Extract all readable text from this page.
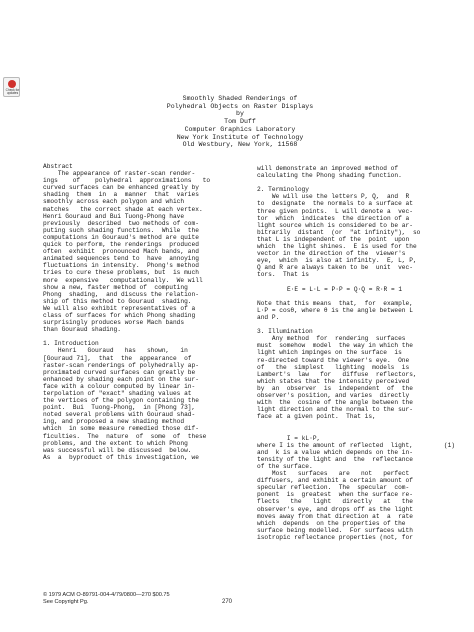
Check for
updates
Smoothly Shaded Renderings of
Polyhedral Objects on Raster Displays
by
Tom Duff
Computer Graphics Laboratory
New York Institute of Technology
Old Westbury, New York, 11568
Abstract
The appearance of raster-scan render-
ings    of    polyhedral  approximations   to
curved surfaces can be enhanced greatly by
shading  them  in  a  manner  that  varies
smoothly across each polygon and which
matches   the correct shade at each vertex.
Henri Gouraud and Bui Tuong-Phong have
previously  described  two methods of com-
puting such shading functions.  While  the
computations in Gouraud's method are quite
quick to perform, the renderings  produced
often  exhibit  pronounced Mach bands, and
animated sequences tend to  have  annoying
fluctuations in intensity.  Phong's method
tries to cure these problems, but  is much
more  expensive   computationally.  We will
show a new, faster method of  computing
Phong  shading,  and discuss the relation-
ship of this method to Gouraud  shading.
We will also exhibit representatives of a
class of surfaces for which Phong shading
surprisingly produces worse Mach bands
than Gouraud shading.
1. Introduction
Henri   Gouraud   has   shown,   in
[Gouraud 71],  that  the  appearance  of
raster-scan renderings of polyhedrally ap-
proximated curved surfaces can greatly be
enhanced by shading each point on the sur-
face with a colour computed by linear in-
terpolation of "exact" shading values at
the vertices of the polygon containing the
point.  Bui  Tuong-Phong,  in [Phong 73],
noted several problems with Gouraud shad-
ing, and proposed a new shading method
which  in some measure remedied those dif-
ficulties.  The  nature  of  some  of  these
problems, and the extent to which Phong
was successful will be discussed  below.
As  a  byproduct of this investigation, we
will demonstrate an improved method of
calculating the Phong shading function.
2. Terminology
We will use the letters P, Q,  and  R
to  designate  the normals to a surface at
three given points.  L will denote a  vec-
tor  which  indicates  the direction of a
light source which is considered to be ar-
bitrarily  distant  (or  "at infinity"),  so
that L is independent of the  point  upon
which  the light shines.  E is used for the
vector in the direction of the  viewer's
eye,  which  is also at infinity.  E, L, P,
Q and R are always taken to be  unit  vec-
tors.  That is
E·E = L·L = P·P = Q·Q = R·R = 1
Note that this means  that,  for  example,
L·P = cosθ, where θ is the angle between L
and P.
3. Illumination
Any method  for  rendering  surfaces
must  somehow  model  the way in which the
light which impinges on the surface  is
re-directed toward the viewer's eye.  One
of   the  simplest   lighting  models  is
Lambert's  law   for   diffuse  reflectors,
which states that the intensity perceived
by  an  observer  is  independent  of  the
observer's position, and varies  directly
with  the  cosine of the angle between the
light direction and the normal to the sur-
face at a given point.  That is,

I = kL·P,

(1)

where I is the amount of reflected  light,
and  k is a value which depends on the in-
tensity of the light and  the  reflectance
of the surface.
Most   surfaces   are   not   perfect
diffusers, and exhibit a certain amount of
specular reflection.  The  specular  com-
ponent  is  greatest  when the surface re-
flects   the   light   directly   at   the
observer's eye, and drops off as the light
moves away from that direction at  a  rate
which  depends  on the properties of the
surface being modelled.  For surfaces with
isotropic reflectance properties (not, for
© 1979 ACM O-89791-004-4/79/0800—270 $00.75
See Copyright Pg.	270
